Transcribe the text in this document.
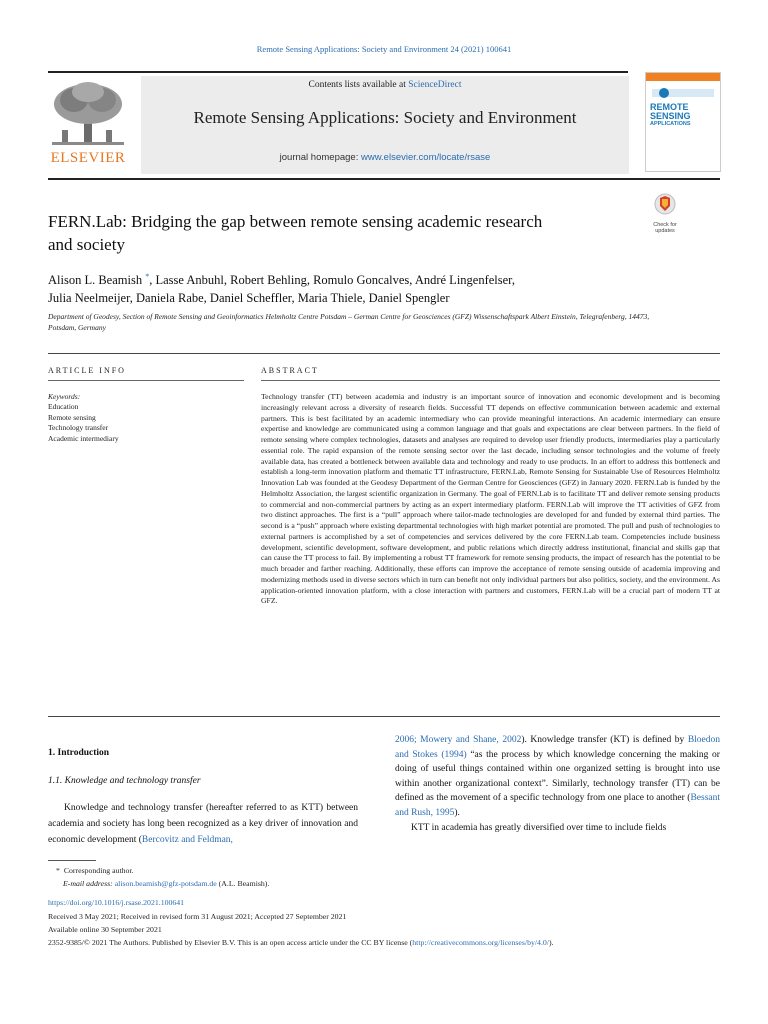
Remote Sensing Applications: Society and Environment 24 (2021) 100641
Contents lists available at ScienceDirect
Remote Sensing Applications: Society and Environment
journal homepage: www.elsevier.com/locate/rsase
ELSEVIER
REMOTE
SENSING
APPLICATIONS
Check for
updates
FERN.Lab: Bridging the gap between remote sensing academic research
and society
Alison L. Beamish *, Lasse Anbuhl, Robert Behling, Romulo Goncalves, André Lingenfelser,
Julia Neelmeijer, Daniela Rabe, Daniel Scheffler, Maria Thiele, Daniel Spengler
Department of Geodesy, Section of Remote Sensing and Geoinformatics Helmholtz Centre Potsdam – German Centre for Geosciences (GFZ) Wissenschaftspark Albert Einstein, Telegrafenberg, 14473, Potsdam, Germany
ARTICLE INFO
Keywords:
Education
Remote sensing
Technology transfer
Academic intermediary
ABSTRACT
Technology transfer (TT) between academia and industry is an important source of innovation and economic development and is becoming increasingly relevant across a diversity of research fields. Successful TT depends on effective communication between academic and external partners. This is best facilitated by an academic intermediary who can provide meaningful interactions. An academic intermediary can ensure expertise and knowledge are communicated using a common language and that goals and expectations are clear between partners. In the field of remote sensing where complex technologies, datasets and analyses are required to develop user friendly products, intermediaries play a particularly essential role. The rapid expansion of the remote sensing sector over the last decade, including sensor technologies and the volume of freely available data, has created a bottleneck between available data and technology and ready to use products. In an effort to address this bottleneck and establish a long-term innovation platform and thematic TT infrastructure, FERN.Lab, Remote Sensing for Sustainable Use of Resources Helmholtz Innovation Lab was founded at the Geodesy Department of the German Centre for Geosciences (GFZ) in January 2020. FERN.Lab is funded by the Helmholtz Association, the largest scientific organization in Germany. The goal of FERN.Lab is to facilitate TT and deliver remote sensing products to commercial and non-commercial partners by acting as an expert intermediary platform. FERN.Lab will improve the TT activities of GFZ from two distinct approaches. The first is a “pull” approach where tailor-made technologies are developed for and funded by external third parties. The second is a “push” approach where existing departmental technologies with high market potential are promoted. The pull and push of technologies to external partners is accomplished by a set of competencies and services delivered by the core FERN.Lab team. Competencies include business development, scientific development, software development, and public relations which directly address institutional, financial and skills gap that can cause the TT process to fail. By implementing a robust TT framework for remote sensing products, the impact of research has the potential to be much broader and farther reaching. Additionally, these efforts can improve the acceptance of remote sensing outside of academia improving and modernizing methods used in diverse sectors which in turn can benefit not only individual partners but also politics, society, and the environment. As application-oriented innovation platform, with a close interaction with partners and customers, FERN.Lab will be a crucial part of modern TT at GFZ.
1. Introduction
1.1. Knowledge and technology transfer
Knowledge and technology transfer (hereafter referred to as KTT) between academia and society has long been recognized as a key driver of innovation and economic development (Bercovitz and Feldman,

2006; Mowery and Shane, 2002). Knowledge transfer (KT) is defined by Bloedon and Stokes (1994) “as the process by which knowledge concerning the making or doing of useful things contained within one organized setting is brought into use within another organizational context”. Similarly, technology transfer (TT) can be defined as the movement of a specific technology from one place to another (Bessant and Rush, 1995).

KTT in academia has greatly diversified over time to include fields

* Corresponding author.
E-mail address: alison.beamish@gfz-potsdam.de (A.L. Beamish).
https://doi.org/10.1016/j.rsase.2021.100641
Received 3 May 2021; Received in revised form 31 August 2021; Accepted 27 September 2021
Available online 30 September 2021
2352-9385/© 2021 The Authors. Published by Elsevier B.V. This is an open access article under the CC BY license (http://creativecommons.org/licenses/by/4.0/).
